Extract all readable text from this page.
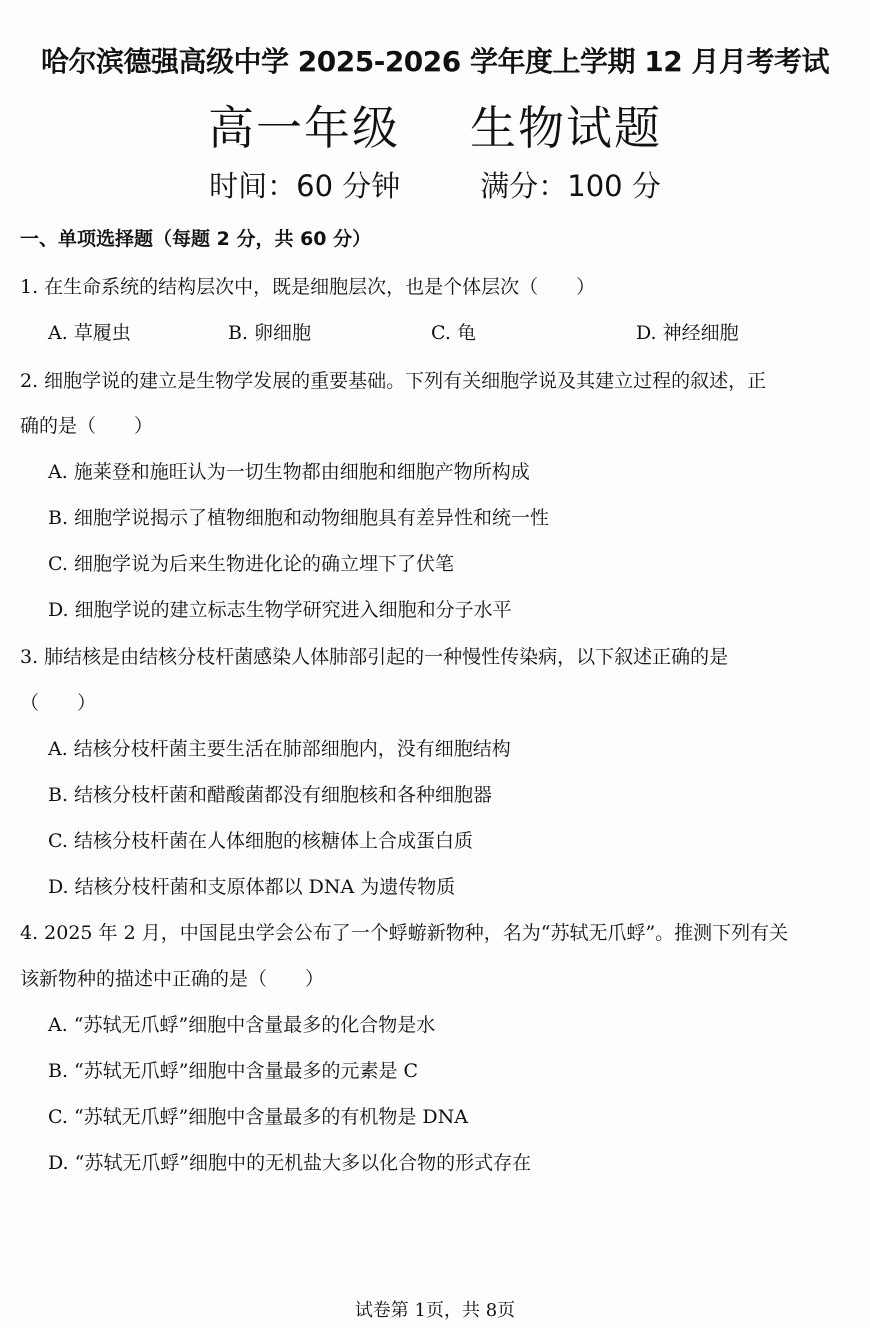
哈尔滨德强高级中学 2025-2026 学年度上学期 12 月月考考试
高一年级 生物试题
时间：60 分钟	满分：100 分
一、单项选择题（每题 2 分，共 60 分）
1. 在生命系统的结构层次中，既是细胞层次，也是个体层次（　　）
A. 草履虫	B. 卵细胞	C. 龟	D. 神经细胞
2. 细胞学说的建立是生物学发展的重要基础。下列有关细胞学说及其建立过程的叙述，正
确的是（　　）
A. 施莱登和施旺认为一切生物都由细胞和细胞产物所构成
B. 细胞学说揭示了植物细胞和动物细胞具有差异性和统一性
C. 细胞学说为后来生物进化论的确立埋下了伏笔
D. 细胞学说的建立标志生物学研究进入细胞和分子水平
3. 肺结核是由结核分枝杆菌感染人体肺部引起的一种慢性传染病，以下叙述正确的是
（　　）
A. 结核分枝杆菌主要生活在肺部细胞内，没有细胞结构
B. 结核分枝杆菌和醋酸菌都没有细胞核和各种细胞器
C. 结核分枝杆菌在人体细胞的核糖体上合成蛋白质
D. 结核分枝杆菌和支原体都以 DNA 为遗传物质
4. 2025 年 2 月，中国昆虫学会公布了一个蜉蝣新物种，名为“苏轼无爪蜉”。推测下列有关
该新物种的描述中正确的是（　　）
A. “苏轼无爪蜉”细胞中含量最多的化合物是水
B. “苏轼无爪蜉”细胞中含量最多的元素是 C
C. “苏轼无爪蜉”细胞中含量最多的有机物是 DNA
D. “苏轼无爪蜉”细胞中的无机盐大多以化合物的形式存在
试卷第 1页，共 8页
